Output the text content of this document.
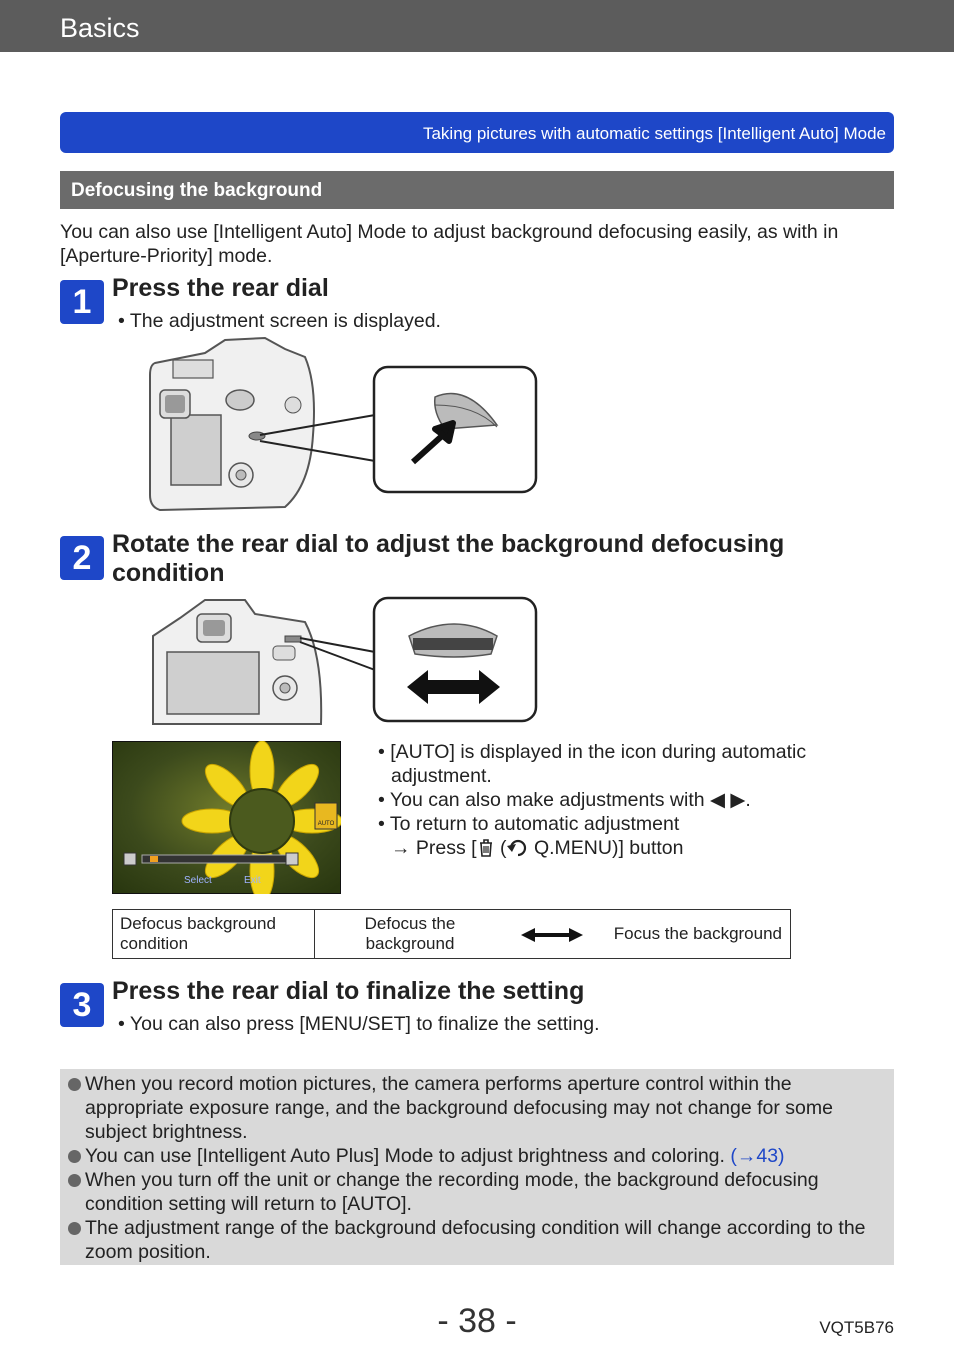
Basics
Taking pictures with automatic settings [Intelligent Auto] Mode
Defocusing the background
You can also use [Intelligent Auto] Mode to adjust background defocusing easily, as with in [Aperture-Priority] mode.
1 Press the rear dial
• The adjustment screen is displayed.
2 Rotate the rear dial to adjust the background defocusing condition
AUTO
Select	Exit
• [AUTO] is displayed in the icon during automatic adjustment.
• You can also make adjustments with ◀ ▶.
• To return to automatic adjustment
→ Press [ ( Q.MENU)] button
Defocus background condition
Defocus the background
Focus the background
3 Press the rear dial to finalize the setting
• You can also press [MENU/SET] to finalize the setting.
When you record motion pictures, the camera performs aperture control within the appropriate exposure range, and the background defocusing may not change for some subject brightness.
You can use [Intelligent Auto Plus] Mode to adjust brightness and coloring. (→43)
When you turn off the unit or change the recording mode, the background defocusing condition setting will return to [AUTO].
The adjustment range of the background defocusing condition will change according to the zoom position.
- 38 -	VQT5B76
